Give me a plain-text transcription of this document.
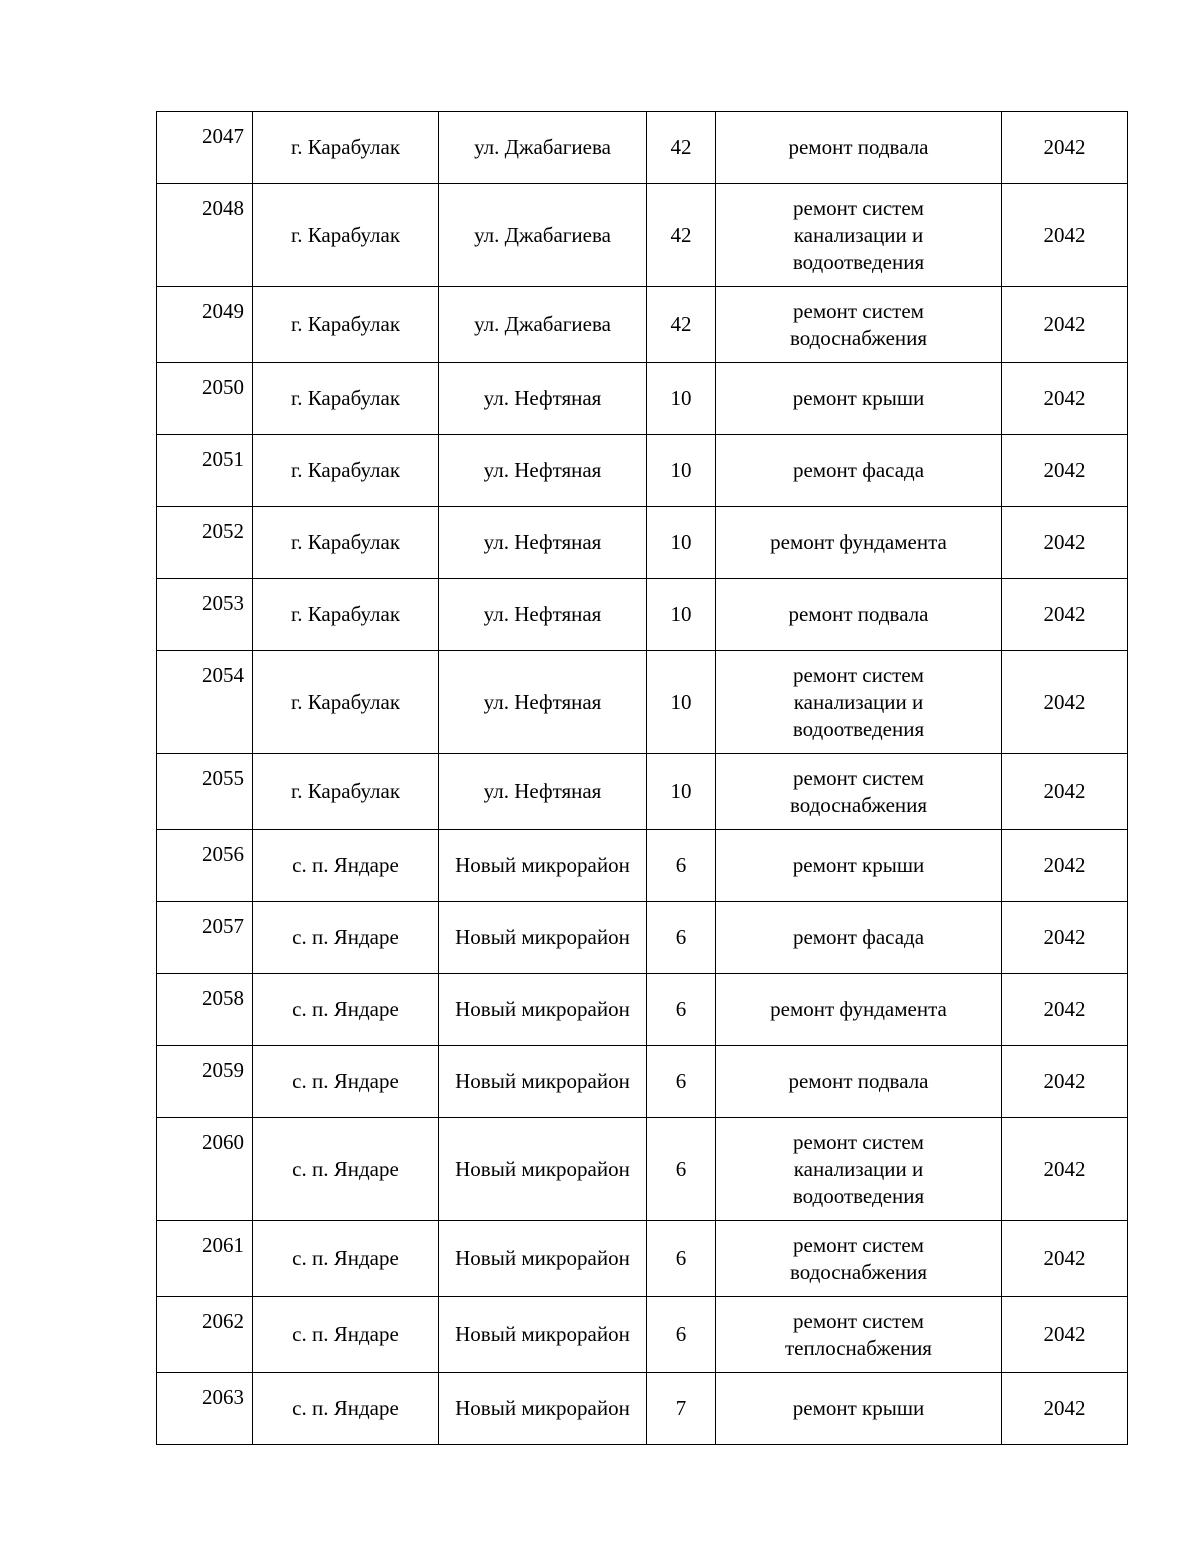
2047	г. Карабулак	ул. Джабагиева	42	ремонт подвала	2042
2048	г. Карабулак	ул. Джабагиева	42	ремонт систем
канализации и
водоотведения	2042
2049	г. Карабулак	ул. Джабагиева	42	ремонт систем
водоснабжения	2042
2050	г. Карабулак	ул. Нефтяная	10	ремонт крыши	2042
2051	г. Карабулак	ул. Нефтяная	10	ремонт фасада	2042
2052	г. Карабулак	ул. Нефтяная	10	ремонт фундамента	2042
2053	г. Карабулак	ул. Нефтяная	10	ремонт подвала	2042
2054	г. Карабулак	ул. Нефтяная	10	ремонт систем
канализации и
водоотведения	2042
2055	г. Карабулак	ул. Нефтяная	10	ремонт систем
водоснабжения	2042
2056	с. п. Яндаре	Новый микрорайон	6	ремонт крыши	2042
2057	с. п. Яндаре	Новый микрорайон	6	ремонт фасада	2042
2058	с. п. Яндаре	Новый микрорайон	6	ремонт фундамента	2042
2059	с. п. Яндаре	Новый микрорайон	6	ремонт подвала	2042
2060	с. п. Яндаре	Новый микрорайон	6	ремонт систем
канализации и
водоотведения	2042
2061	с. п. Яндаре	Новый микрорайон	6	ремонт систем
водоснабжения	2042
2062	с. п. Яндаре	Новый микрорайон	6	ремонт систем
теплоснабжения	2042
2063	с. п. Яндаре	Новый микрорайон	7	ремонт крыши	2042
